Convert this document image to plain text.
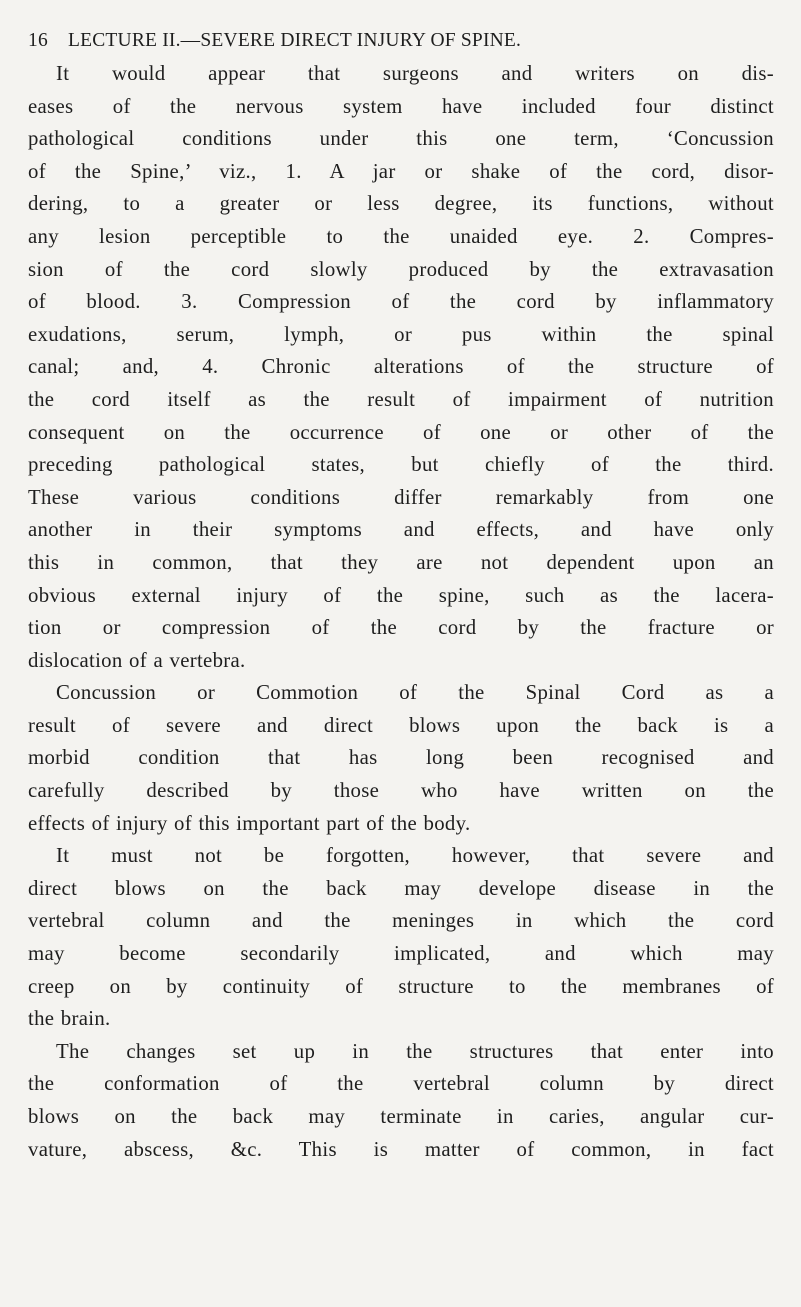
16 LECTURE II.—SEVERE DIRECT INJURY OF SPINE.
It would appear that surgeons and writers on dis-
eases of the nervous system have included four distinct
pathological conditions under this one term, ‘Concussion
of the Spine,’ viz., 1. A jar or shake of the cord, disor-
dering, to a greater or less degree, its functions, without
any lesion perceptible to the unaided eye. 2. Compres-
sion of the cord slowly produced by the extravasation
of blood. 3. Compression of the cord by inflammatory
exudations, serum, lymph, or pus within the spinal
canal; and, 4. Chronic alterations of the structure of
the cord itself as the result of impairment of nutrition
consequent on the occurrence of one or other of the
preceding pathological states, but chiefly of the third.
These various conditions differ remarkably from one
another in their symptoms and effects, and have only
this in common, that they are not dependent upon an
obvious external injury of the spine, such as the lacera-
tion or compression of the cord by the fracture or
dislocation of a vertebra.
Concussion or Commotion of the Spinal Cord as a
result of severe and direct blows upon the back is a
morbid condition that has long been recognised and
carefully described by those who have written on the
effects of injury of this important part of the body.
It must not be forgotten, however, that severe and
direct blows on the back may develope disease in the
vertebral column and the meninges in which the cord
may become secondarily implicated, and which may
creep on by continuity of structure to the membranes of
the brain.
The changes set up in the structures that enter into
the conformation of the vertebral column by direct
blows on the back may terminate in caries, angular cur-
vature, abscess, &c. This is matter of common, in fact
